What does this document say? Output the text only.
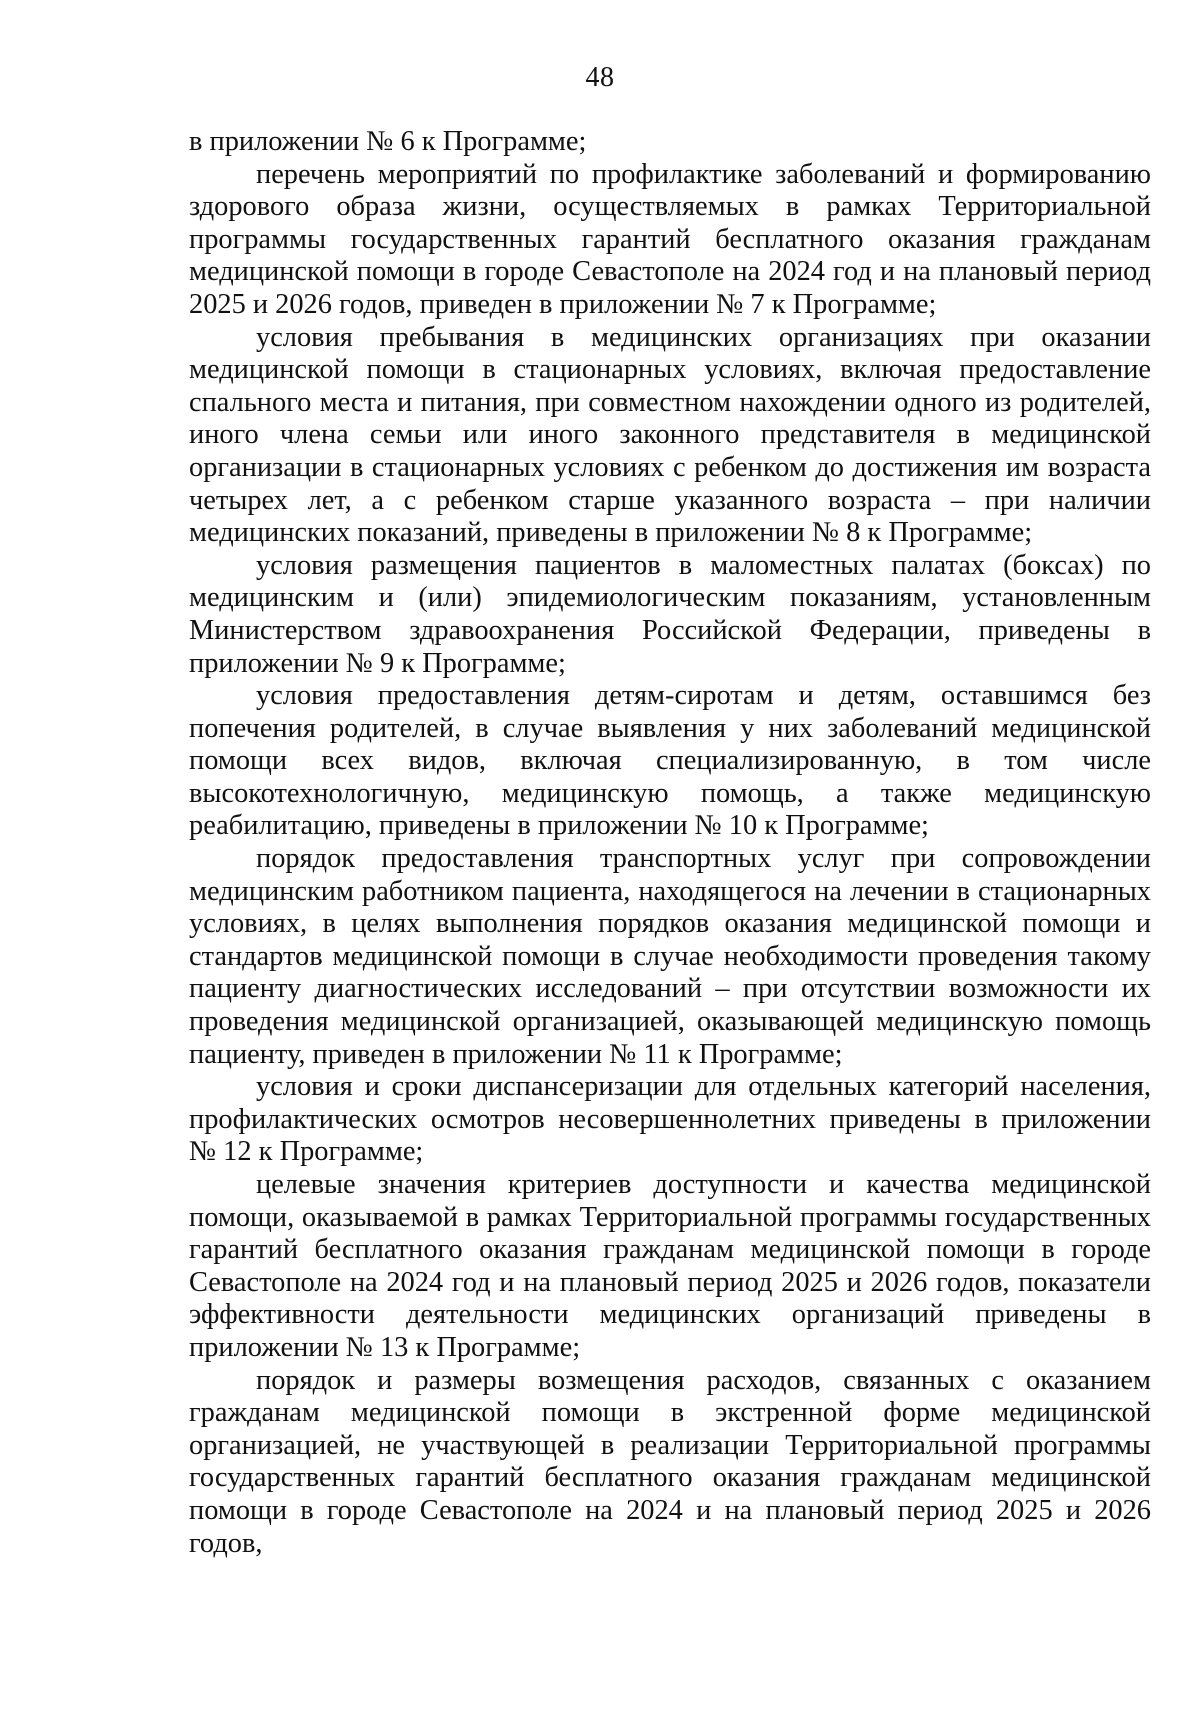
48

в приложении № 6 к Программе;

перечень мероприятий по профилактике заболеваний и формированию здорового образа жизни, осуществляемых в рамках Территориальной программы государственных гарантий бесплатного оказания гражданам медицинской помощи в городе Севастополе на 2024 год и на плановый период 2025 и 2026 годов, приведен в приложении № 7 к Программе;

условия пребывания в медицинских организациях при оказании медицинской помощи в стационарных условиях, включая предоставление спального места и питания, при совместном нахождении одного из родителей, иного члена семьи или иного законного представителя в медицинской организации в стационарных условиях с ребенком до достижения им возраста четырех лет, а с ребенком старше указанного возраста – при наличии медицинских показаний, приведены в приложении № 8 к Программе;

условия размещения пациентов в маломестных палатах (боксах) по медицинским и (или) эпидемиологическим показаниям, установленным Министерством здравоохранения Российской Федерации, приведены в приложении № 9 к Программе;

условия предоставления детям-сиротам и детям, оставшимся без попечения родителей, в случае выявления у них заболеваний медицинской помощи всех видов, включая специализированную, в том числе высокотехнологичную, медицинскую помощь, а также медицинскую реабилитацию, приведены в приложении № 10 к Программе;

порядок предоставления транспортных услуг при сопровождении медицинским работником пациента, находящегося на лечении в стационарных условиях, в целях выполнения порядков оказания медицинской помощи и стандартов медицинской помощи в случае необходимости проведения такому пациенту диагностических исследований – при отсутствии возможности их проведения медицинской организацией, оказывающей медицинскую помощь пациенту, приведен в приложении № 11 к Программе;

условия и сроки диспансеризации для отдельных категорий населения, профилактических осмотров несовершеннолетних приведены в приложении № 12 к Программе;

целевые значения критериев доступности и качества медицинской помощи, оказываемой в рамках Территориальной программы государственных гарантий бесплатного оказания гражданам медицинской помощи в городе Севастополе на 2024 год и на плановый период 2025 и 2026 годов, показатели эффективности деятельности медицинских организаций приведены в приложении № 13 к Программе;

порядок и размеры возмещения расходов, связанных с оказанием гражданам медицинской помощи в экстренной форме медицинской организацией, не участвующей в реализации Территориальной программы государственных гарантий бесплатного оказания гражданам медицинской помощи в городе Севастополе на 2024 и на плановый период 2025 и 2026 годов,
